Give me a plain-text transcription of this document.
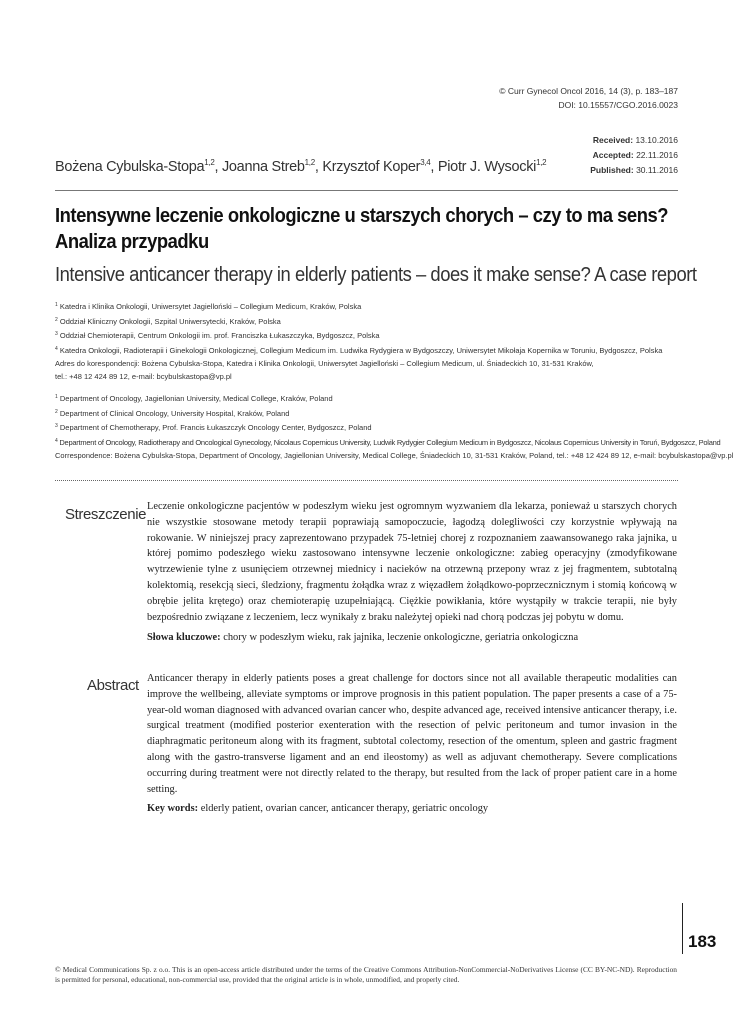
© Curr Gynecol Oncol 2016, 14 (3), p. 183–187
DOI: 10.15557/CGO.2016.0023
Received: 13.10.2016
Accepted: 22.11.2016
Published: 30.11.2016
Bożena Cybulska-Stopa$^{1,2}$, Joanna Streb$^{1,2}$, Krzysztof Koper$^{3,4}$, Piotr J. Wysocki$^{1,2}$
Intensywne leczenie onkologiczne u starszych chorych – czy to ma sens? Analiza przypadku
Intensive anticancer therapy in elderly patients – does it make sense? A case report
$^1$ Katedra i Klinika Onkologii, Uniwersytet Jagielloński – Collegium Medicum, Kraków, Polska
$^2$ Oddział Kliniczny Onkologii, Szpital Uniwersytecki, Kraków, Polska
$^3$ Oddział Chemioterapii, Centrum Onkologii im. prof. Franciszka Łukaszczyka, Bydgoszcz, Polska
$^4$ Katedra Onkologii, Radioterapii i Ginekologii Onkologicznej, Collegium Medicum im. Ludwika Rydygiera w Bydgoszczy, Uniwersytet Mikołaja Kopernika w Toruniu, Bydgoszcz, Polska
Adres do korespondencji: Bożena Cybulska-Stopa, Katedra i Klinika Onkologii, Uniwersytet Jagielloński – Collegium Medicum, ul. Śniadeckich 10, 31-531 Kraków,
tel.: +48 12 424 89 12, e-mail: bcybulskastopa@vp.pl
$^1$ Department of Oncology, Jagiellonian University, Medical College, Kraków, Poland
$^2$ Department of Clinical Oncology, University Hospital, Kraków, Poland
$^3$ Department of Chemotherapy, Prof. Francis Łukaszczyk Oncology Center, Bydgoszcz, Poland
$^4$ Department of Oncology, Radiotherapy and Oncological Gynecology, Nicolaus Copernicus University, Ludwik Rydygier Collegium Medicum in Bydgoszcz, Nicolaus Copernicus University in Toruń, Bydgoszcz, Poland
Correspondence: Bożena Cybulska-Stopa, Department of Oncology, Jagiellonian University, Medical College, Śniadeckich 10, 31-531 Kraków, Poland, tel.: +48 12 424 89 12, e-mail: bcybulskastopa@vp.pl
Streszczenie Leczenie onkologiczne pacjentów w podeszłym wieku jest ogromnym wyzwaniem dla lekarza, ponieważ u starszych chorych nie wszystkie stosowane metody terapii poprawiają samopoczucie, łagodzą dolegliwości czy korzystnie wpływają na rokowanie. W niniejszej pracy zaprezentowano przypadek 75-letniej chorej z rozpoznaniem zaawansowanego raka jajnika, u której pomimo podeszłego wieku zastosowano intensywne leczenie onkologiczne: zabieg operacyjny (zmodyfikowane wytrzewienie tylne z usunięciem otrzewnej miednicy i nacieków na otrzewną przepony wraz z jej fragmentem, subtotalną kolektomią, resekcją sieci, śledziony, fragmentu żołądka wraz z więzadłem żołądkowo-poprzecznicznym i stomią końcową w obrębie jelita krętego) oraz chemioterapię uzupełniającą. Ciężkie powikłania, które wystąpiły w trakcie terapii, nie były bezpośrednio związane z leczeniem, lecz wynikały z braku należytej opieki nad chorą podczas jej pobytu w domu.
Słowa kluczowe: chory w podeszłym wieku, rak jajnika, leczenie onkologiczne, geriatria onkologiczna
Abstract Anticancer therapy in elderly patients poses a great challenge for doctors since not all available therapeutic modalities can improve the wellbeing, alleviate symptoms or improve prognosis in this patient population. The paper presents a case of a 75-year-old woman diagnosed with advanced ovarian cancer who, despite advanced age, received intensive anticancer therapy, i.e. surgical treatment (modified posterior exenteration with the resection of pelvic peritoneum and tumor invasion in the diaphragmatic peritoneum along with its fragment, subtotal colectomy, resection of the omentum, spleen and gastric fragment along with the gastro-transverse ligament and an end ileostomy) as well as adjuvant chemotherapy. Severe complications occurring during treatment were not directly related to the therapy, but resulted from the lack of proper patient care in a home setting.
Key words: elderly patient, ovarian cancer, anticancer therapy, geriatric oncology
183
© Medical Communications Sp. z o.o. This is an open-access article distributed under the terms of the Creative Commons Attribution-NonCommercial-NoDerivatives License (CC BY-NC-ND). Reproduction is permitted for personal, educational, non-commercial use, provided that the original article is in whole, unmodified, and properly cited.
